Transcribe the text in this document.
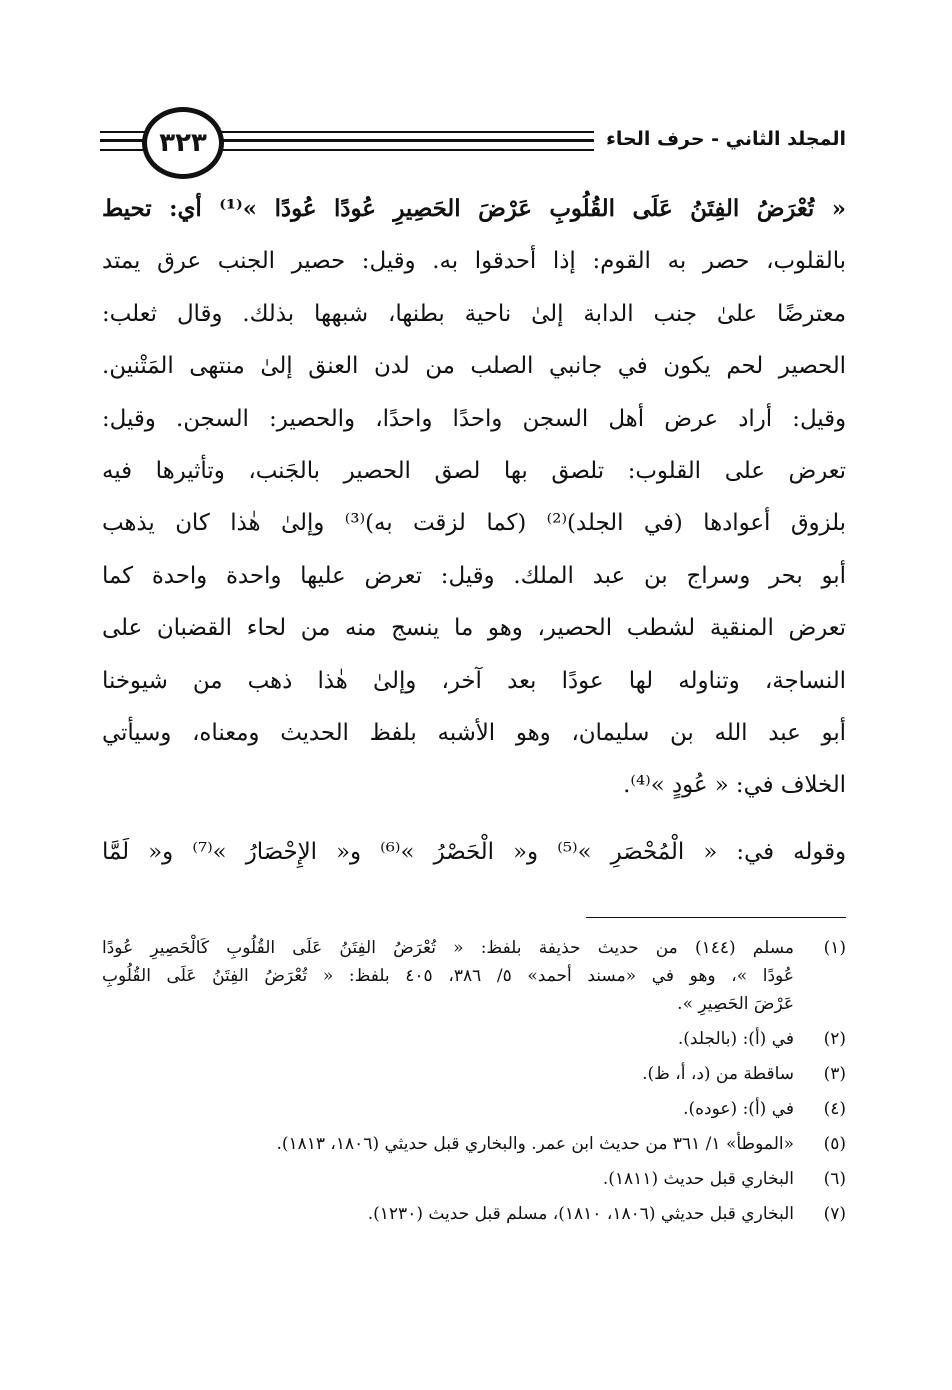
٣٢٣	المجلد الثاني - حرف الحاء
« تُعْرَضُ الفِتَنُ عَلَى القُلُوبِ عَرْضَ الحَصِيرِ عُودًا عُودًا »⁽¹⁾ أي: تحيط
بالقلوب، حصر به القوم: إذا أحدقوا به. وقيل: حصير الجنب عرق يمتد
معترضًا علىٰ جنب الدابة إلىٰ ناحية بطنها، شبهها بذلك. وقال ثعلب:
الحصير لحم يكون في جانبي الصلب من لدن العنق إلىٰ منتهى المَتْنين.
وقيل: أراد عرض أهل السجن واحدًا واحدًا، والحصير: السجن. وقيل:
تعرض على القلوب: تلصق بها لصق الحصير بالجَنب، وتأثيرها فيه
بلزوق أعوادها (في الجلد)⁽²⁾ (كما لزقت به)⁽³⁾ وإلىٰ هٰذا كان يذهب
أبو بحر وسراج بن عبد الملك. وقيل: تعرض عليها واحدة واحدة كما
تعرض المنقية لشطب الحصير، وهو ما ينسج منه من لحاء القضبان على
النساجة، وتناوله لها عودًا بعد آخر، وإلىٰ هٰذا ذهب من شيوخنا
أبو عبد الله بن سليمان، وهو الأشبه بلفظ الحديث ومعناه، وسيأتي
الخلاف في: « عُودٍ »⁽⁴⁾.
وقوله في: « الْمُحْصَرِ »⁽⁵⁾ و« الْحَصْرُ »⁽⁶⁾ و« الإِحْصَارُ »⁽⁷⁾ و« لَمَّا
(١)
مسلم (١٤٤) من حديث حذيفة بلفظ: « تُعْرَضُ الفِتَنُ عَلَى القُلُوبِ كَالْحَصِيرِ عُودًا
عُودًا »، وهو في «مسند أحمد» ٥/ ٣٨٦، ٤٠٥ بلفظ: « تُعْرَضُ الفِتَنُ عَلَى القُلُوبِ
عَرْضَ الحَصِيرِ ».
(٢)
في (أ): (بالجلد).
(٣)
ساقطة من (د، أ، ظ).
(٤)
في (أ): (عوده).
(٥)
«الموطأ» ١/ ٣٦١ من حديث ابن عمر. والبخاري قبل حديثي (١٨٠٦، ١٨١٣).
(٦)
البخاري قبل حديث (١٨١١).
(٧)
البخاري قبل حديثي (١٨٠٦، ١٨١٠)، مسلم قبل حديث (١٢٣٠).
